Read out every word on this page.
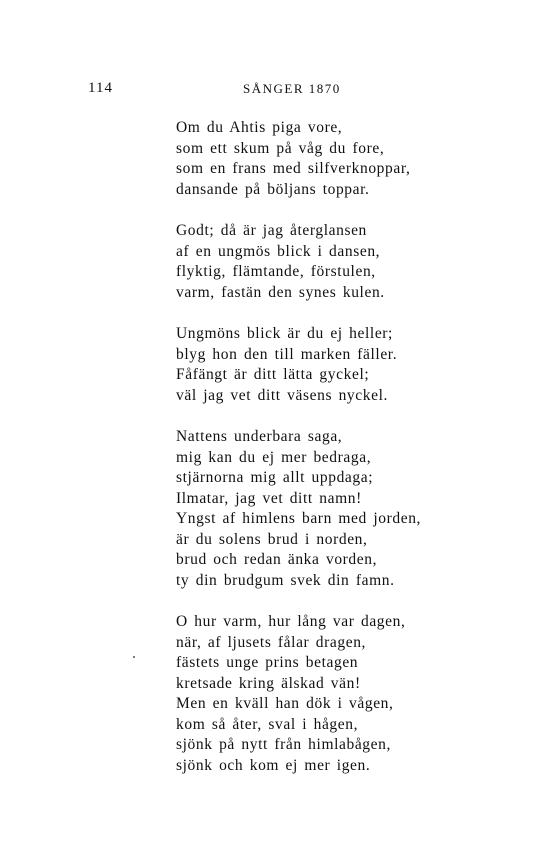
114	SÅNGER 1870
Om du Ahtis piga vore,
som ett skum på våg du fore,
som en frans med silfverknoppar,
dansande på böljans toppar.
Godt; då är jag återglansen
af en ungmös blick i dansen,
flyktig, flämtande, förstulen,
varm, fastän den synes kulen.
Ungmöns blick är du ej heller;
blyg hon den till marken fäller.
Fåfängt är ditt lätta gyckel;
väl jag vet ditt väsens nyckel.
Nattens underbara saga,
mig kan du ej mer bedraga,
stjärnorna mig allt uppdaga;
Ilmatar, jag vet ditt namn!
Yngst af himlens barn med jorden,
är du solens brud i norden,
brud och redan änka vorden,
ty din brudgum svek din famn.
O hur varm, hur lång var dagen,
när, af ljusets fålar dragen,
fästets unge prins betagen
kretsade kring älskad vän!
Men en kväll han dök i vågen,
kom så åter, sval i hågen,
sjönk på nytt från himlabågen,
sjönk och kom ej mer igen.
